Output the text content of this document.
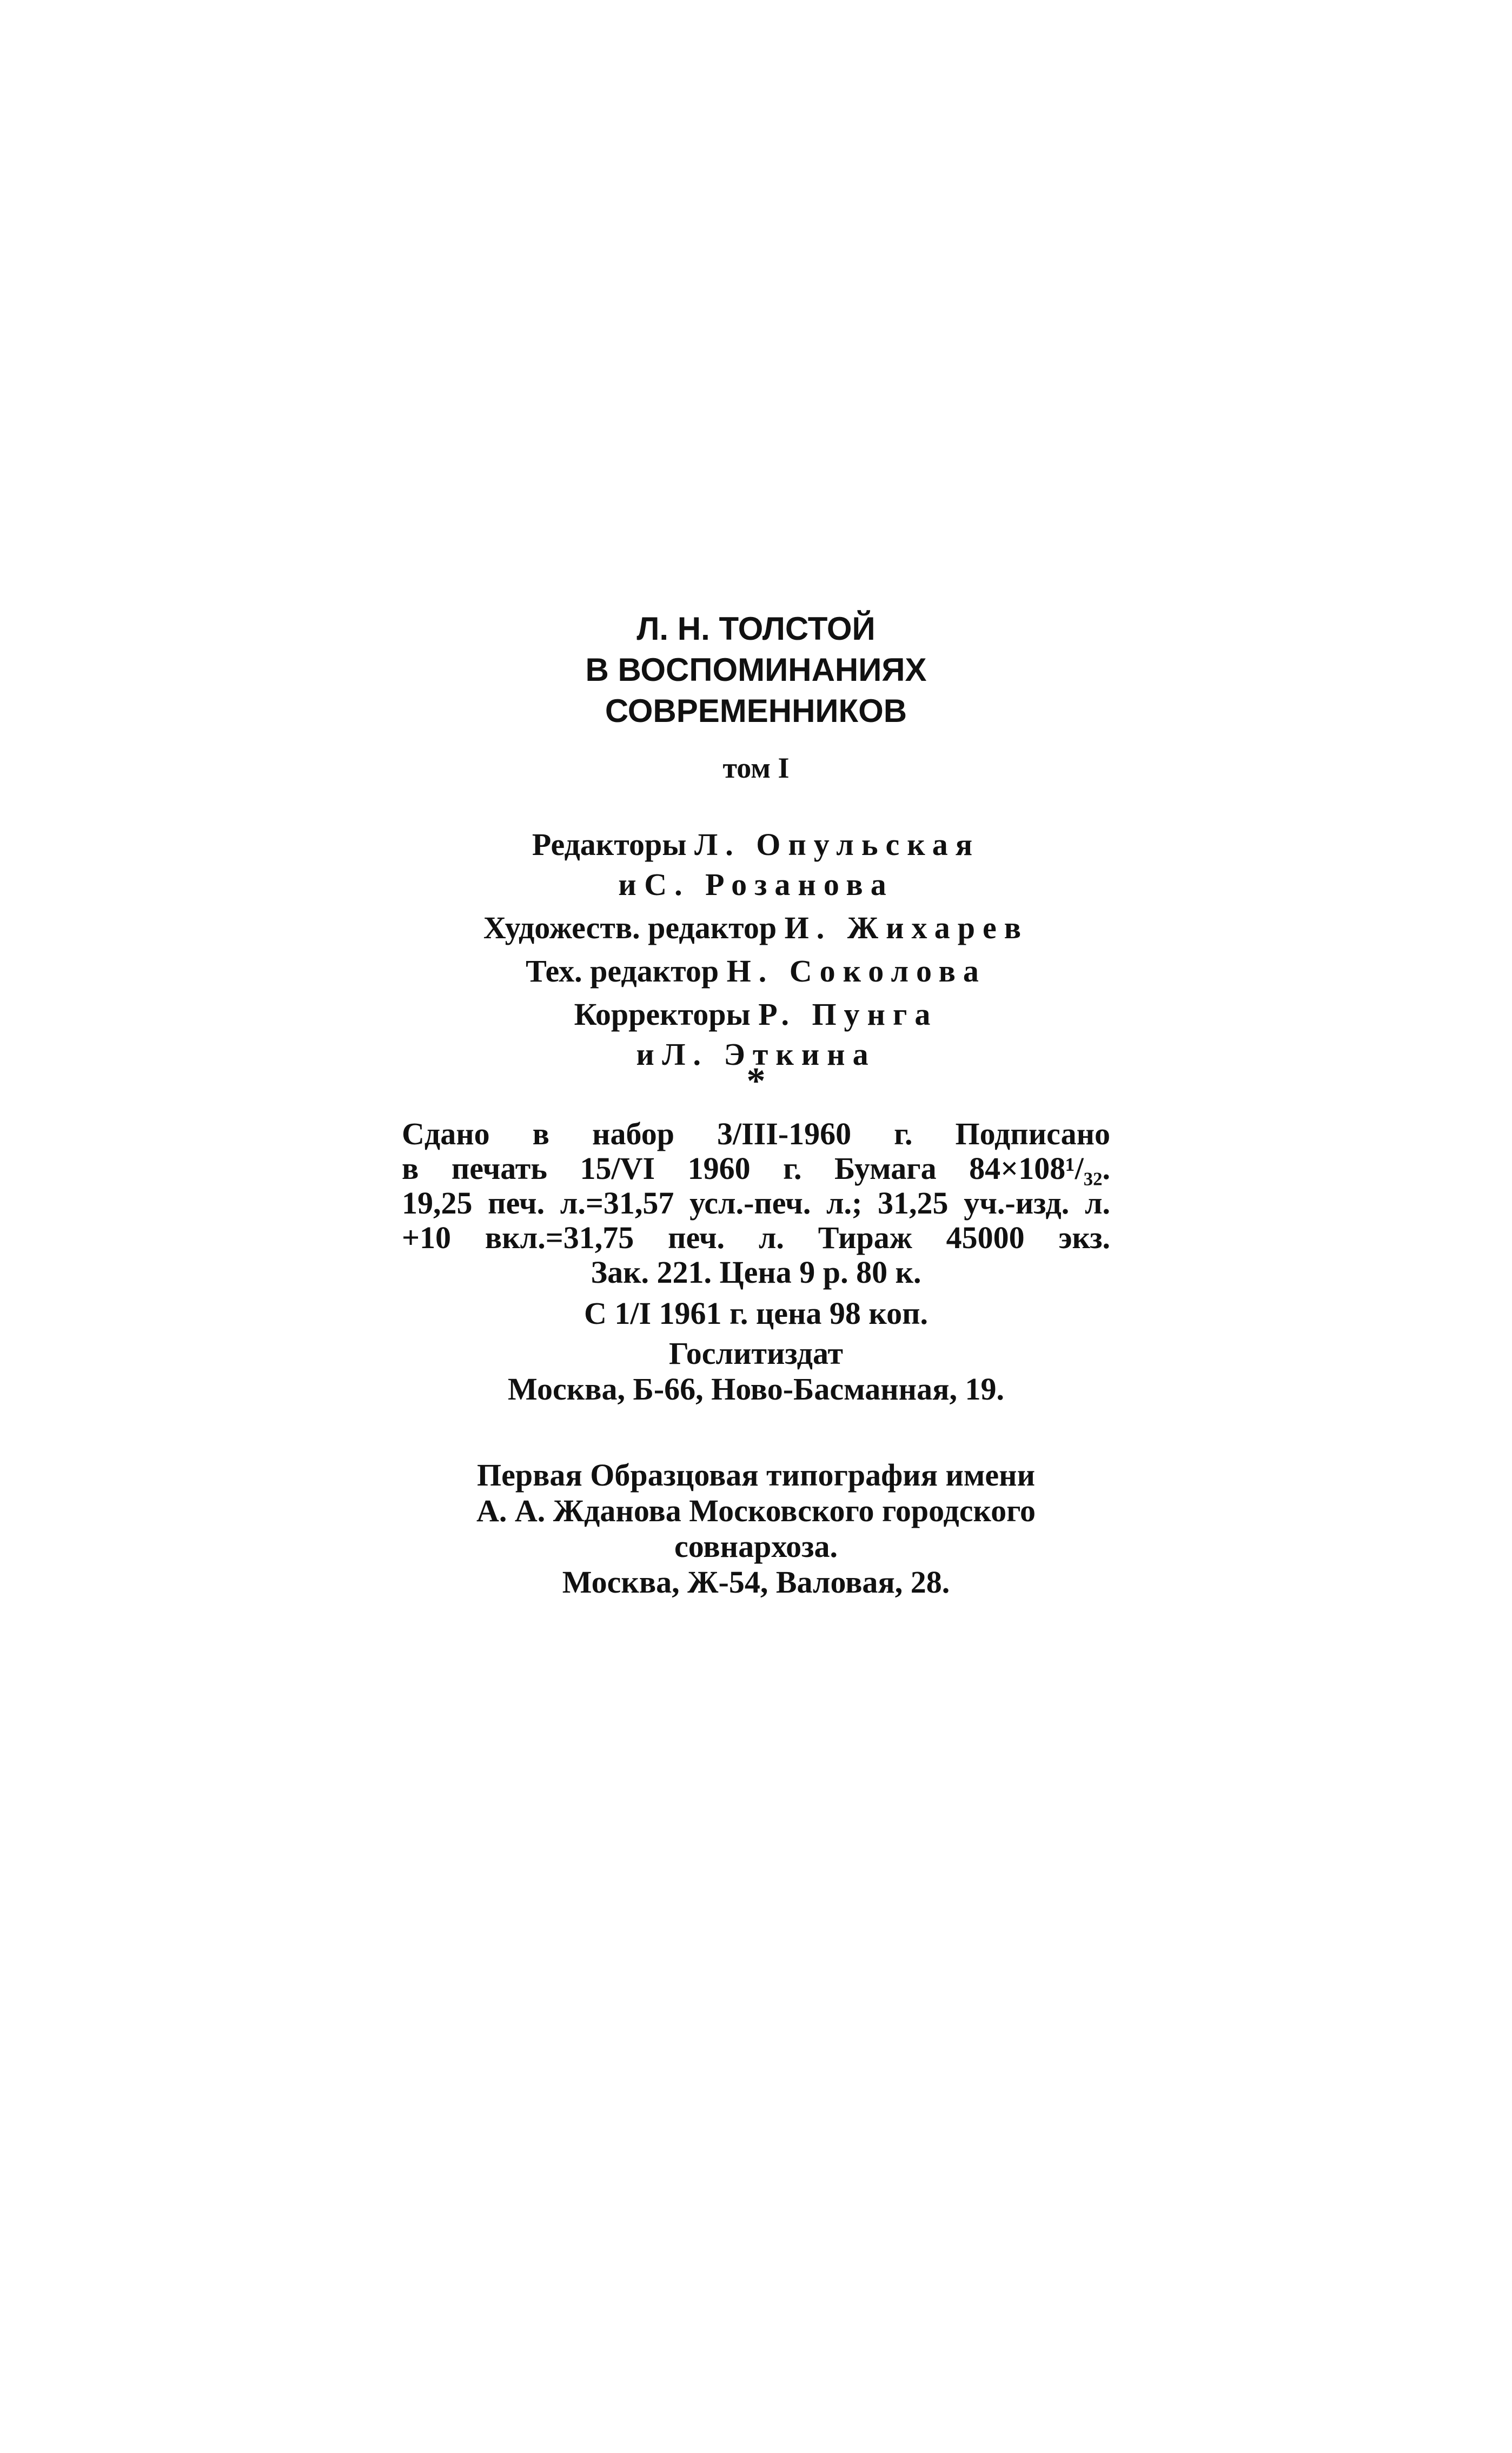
Л. Н. ТОЛСТОЙ
В ВОСПОМИНАНИЯХ
СОВРЕМЕННИКОВ
том I
Редакторы Л. Опульская
и С. Розанова
Художеств. редактор И. Жихарев
Тех. редактор Н. Соколова
Корректоры Р. Пунга
и Л. Эткина
*
Сдано в набор 3/III-1960 г. Подписано
в печать 15/VI 1960 г. Бумага 84×108¹/₃₂.
19,25 печ. л.=31,57 усл.-печ. л.; 31,25 уч.-изд. л.
+10 вкл.=31,75 печ. л. Тираж 45000 экз.
Зак. 221. Цена 9 р. 80 к.
С 1/I 1961 г. цена 98 коп.
Гослитиздат
Москва, Б-66, Ново-Басманная, 19.
Первая Образцовая типография имени
А. А. Жданова Московского городского
совнархоза.
Москва, Ж-54, Валовая, 28.
